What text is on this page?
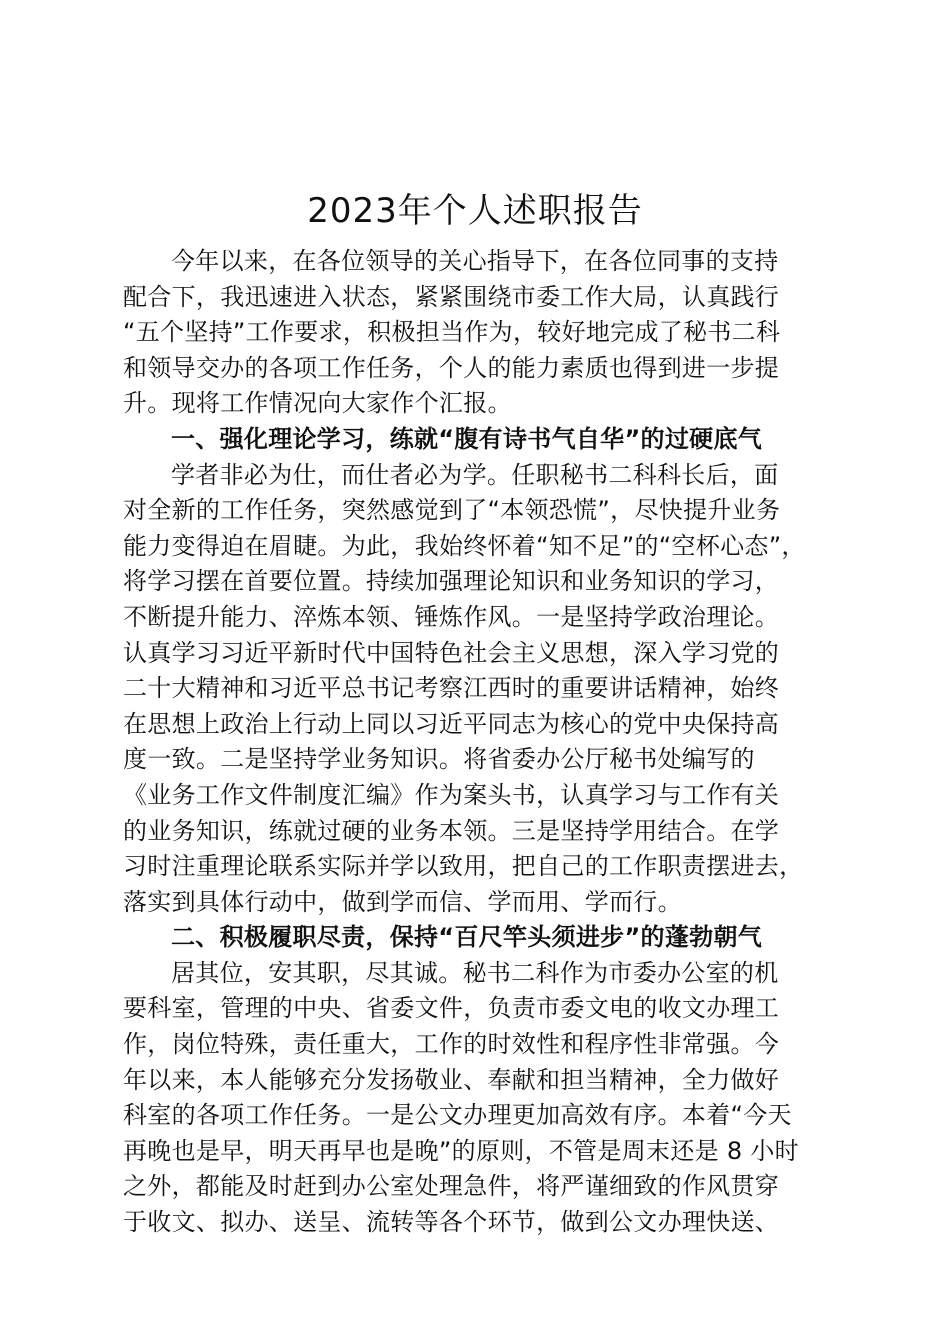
2023年个人述职报告
今年以来，在各位领导的关心指导下，在各位同事的支持
配合下，我迅速进入状态，紧紧围绕市委工作大局，认真践行
“五个坚持”工作要求，积极担当作为，较好地完成了秘书二科
和领导交办的各项工作任务，个人的能力素质也得到进一步提
升。现将工作情况向大家作个汇报。
一、强化理论学习，练就“腹有诗书气自华”的过硬底气
学者非必为仕，而仕者必为学。任职秘书二科科长后，面
对全新的工作任务，突然感觉到了“本领恐慌”，尽快提升业务
能力变得迫在眉睫。为此，我始终怀着“知不足”的“空杯心态”，
将学习摆在首要位置。持续加强理论知识和业务知识的学习，
不断提升能力、淬炼本领、锤炼作风。一是坚持学政治理论。
认真学习习近平新时代中国特色社会主义思想，深入学习党的
二十大精神和习近平总书记考察江西时的重要讲话精神，始终
在思想上政治上行动上同以习近平同志为核心的党中央保持高
度一致。二是坚持学业务知识。将省委办公厅秘书处编写的
《业务工作文件制度汇编》作为案头书，认真学习与工作有关
的业务知识，练就过硬的业务本领。三是坚持学用结合。在学
习时注重理论联系实际并学以致用，把自己的工作职责摆进去，
落实到具体行动中，做到学而信、学而用、学而行。
二、积极履职尽责，保持“百尺竿头须进步”的蓬勃朝气
居其位，安其职，尽其诚。秘书二科作为市委办公室的机
要科室，管理的中央、省委文件，负责市委文电的收文办理工
作，岗位特殊，责任重大，工作的时效性和程序性非常强。今
年以来，本人能够充分发扬敬业、奉献和担当精神，全力做好
科室的各项工作任务。一是公文办理更加高效有序。本着“今天
再晚也是早，明天再早也是晚”的原则，不管是周末还是 8 小时
之外，都能及时赶到办公室处理急件，将严谨细致的作风贯穿
于收文、拟办、送呈、流转等各个环节，做到公文办理快送、
